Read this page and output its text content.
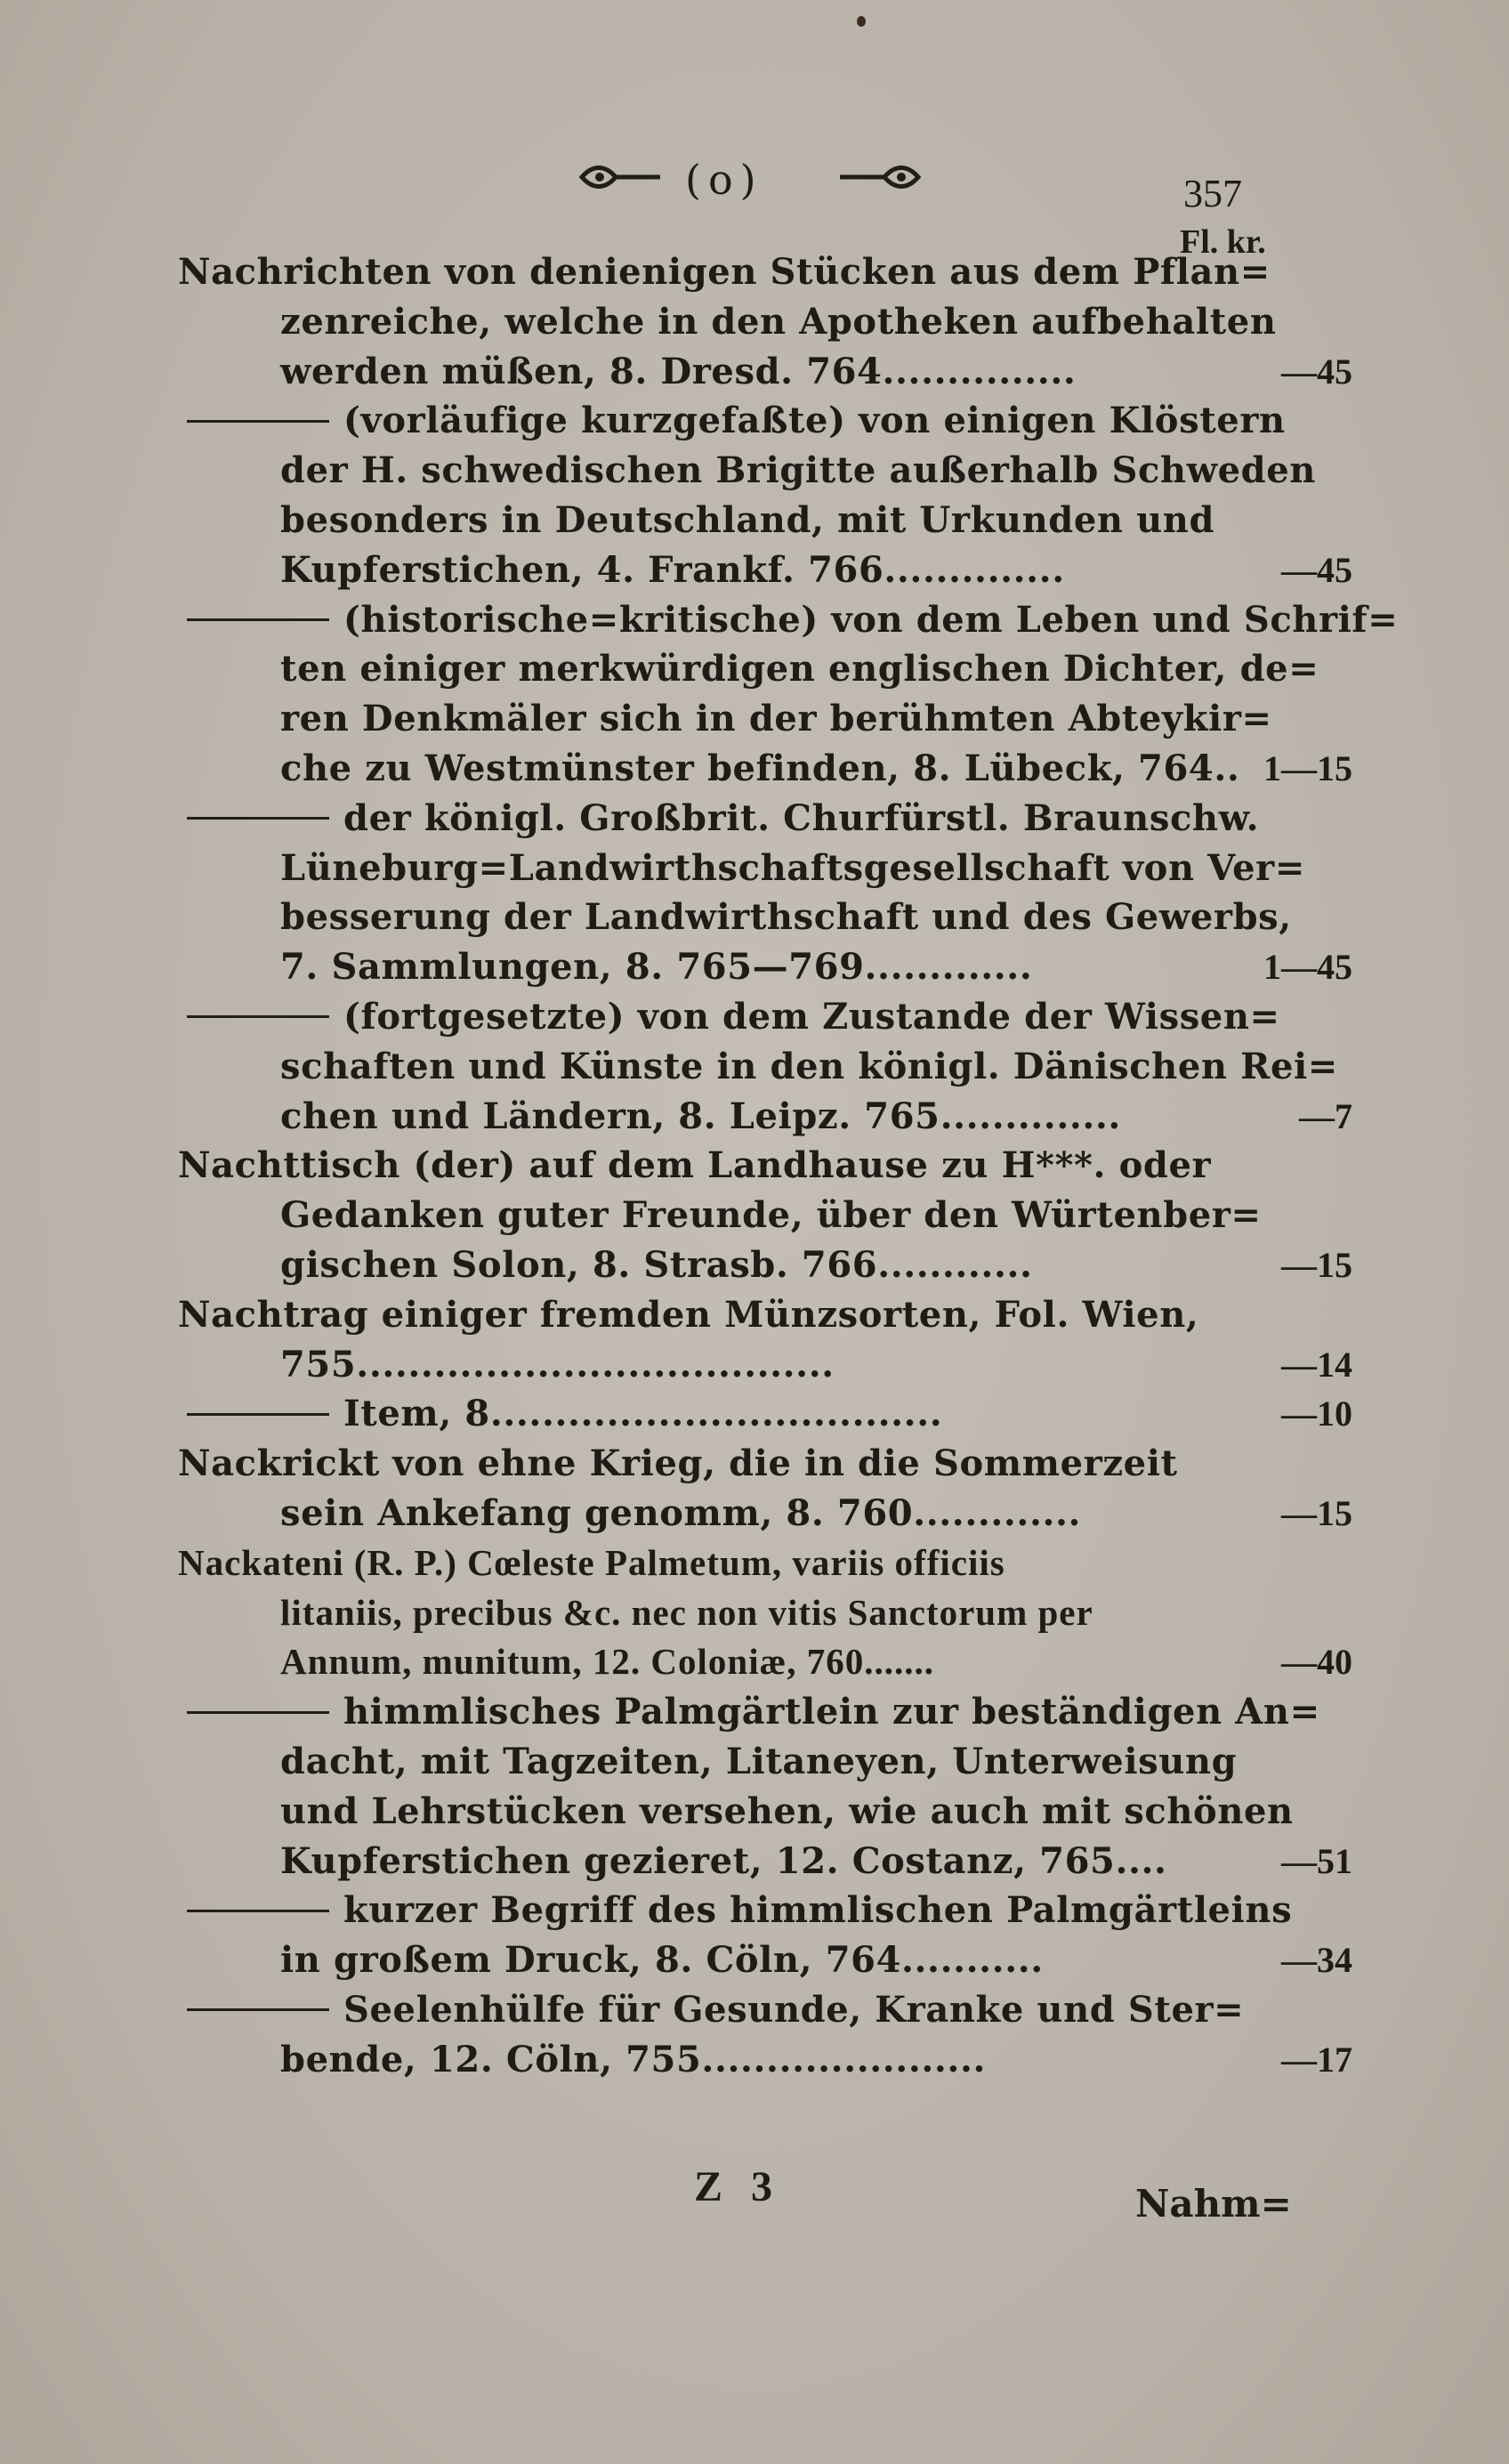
(o)	357
Fl. kr.
Nachrichten von denienigen Stücken aus dem Pflan=
zenreiche, welche in den Apotheken aufbehalten
werden müßen, 8. Dresd. 764...............	—45
(vorläufige kurzgefaßte) von einigen Klöstern
der H. schwedischen Brigitte außerhalb Schweden
besonders in Deutschland, mit Urkunden und
Kupferstichen, 4. Frankf. 766..............	—45
(historische=kritische) von dem Leben und Schrif=
ten einiger merkwürdigen englischen Dichter, de=
ren Denkmäler sich in der berühmten Abteykir=
che zu Westmünster befinden, 8. Lübeck, 764.. 1—15
der königl. Großbrit. Churfürstl. Braunschw.
Lüneburg=Landwirthschaftsgesellschaft von Ver=
besserung der Landwirthschaft und des Gewerbs,
7. Sammlungen, 8. 765—769.............	1—45
(fortgesetzte) von dem Zustande der Wissen=
schaften und Künste in den königl. Dänischen Rei=
chen und Ländern, 8. Leipz. 765..............	—7
Nachttisch (der) auf dem Landhause zu H***. oder
Gedanken guter Freunde, über den Würtenber=
gischen Solon, 8. Strasb. 766............	—15
Nachtrag einiger fremden Münzsorten, Fol. Wien,
755.....................................	—14
Item, 8...................................	—10
Nackrickt von ehne Krieg, die in die Sommerzeit
sein Ankefang genomm, 8. 760.............	—15
Nackateni (R. P.) Cœleste Palmetum, variis officiis
litaniis, precibus &c. nec non vitis Sanctorum per
Annum, munitum, 12. Coloniæ, 760.......	—40
himmlisches Palmgärtlein zur beständigen An=
dacht, mit Tagzeiten, Litaneyen, Unterweisung
und Lehrstücken versehen, wie auch mit schönen
Kupferstichen gezieret, 12. Costanz, 765....	—51
kurzer Begriff des himmlischen Palmgärtleins
in großem Druck, 8. Cöln, 764...........	—34
Seelenhülfe für Gesunde, Kranke und Ster=
bende, 12. Cöln, 755......................	—17
Z 3	Nahm=
